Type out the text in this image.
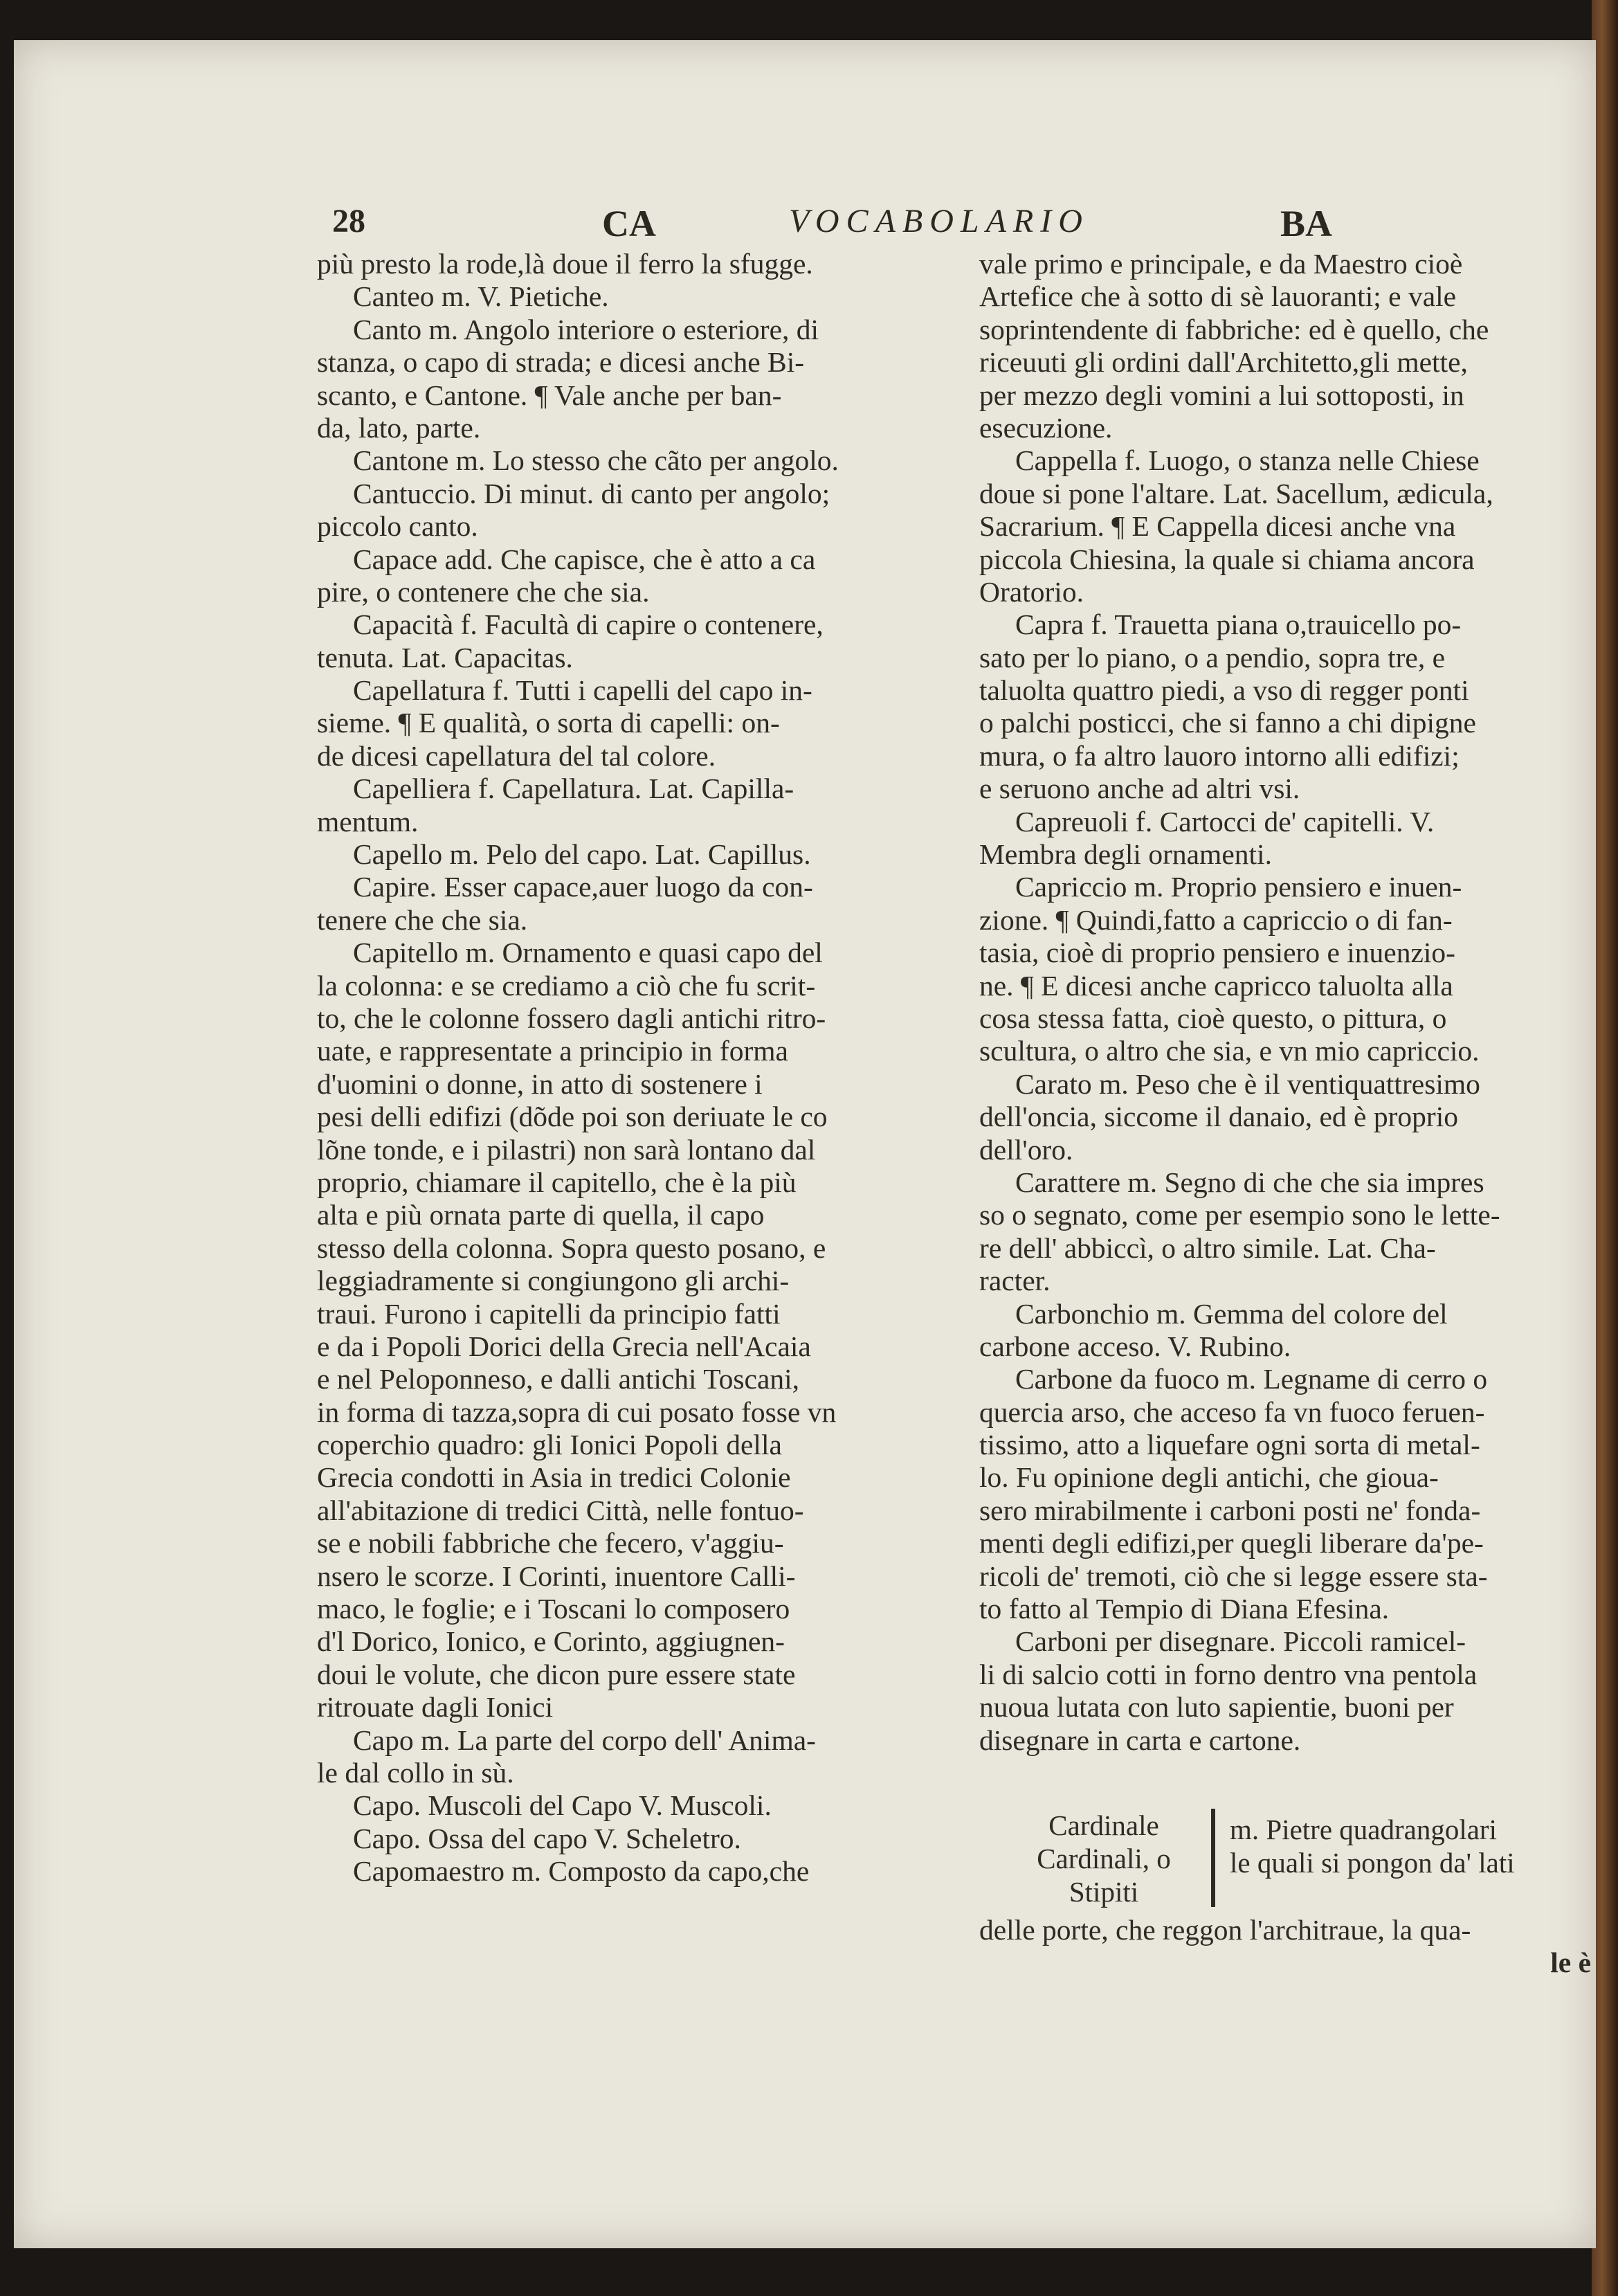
28	CA	VOCABOLARIO	BA
più presto la rode,là doue il ferro la sfugge.
Canteo m. V. Pietiche.
Canto m. Angolo interiore o esteriore, di
stanza, o capo di strada; e dicesi anche Bi-
scanto, e Cantone. ¶ Vale anche per ban-
da, lato, parte.
Cantone m. Lo stesso che cãto per angolo.
Cantuccio. Di minut. di canto per angolo;
piccolo canto.
Capace add. Che capisce, che è atto a ca
pire, o contenere che che sia.
Capacità f. Facultà di capire o contenere,
tenuta. Lat. Capacitas.
Capellatura f. Tutti i capelli del capo in-
sieme. ¶ E qualità, o sorta di capelli: on-
de dicesi capellatura del tal colore.
Capelliera f. Capellatura. Lat. Capilla-
mentum.
Capello m. Pelo del capo. Lat. Capillus.
Capire. Esser capace,auer luogo da con-
tenere che che sia.
Capitello m. Ornamento e quasi capo del
la colonna: e se crediamo a ciò che fu scrit-
to, che le colonne fossero dagli antichi ritro-
uate, e rappresentate a principio in forma
d'uomini o donne, in atto di sostenere i
pesi delli edifizi (dõde poi son deriuate le co
lõne tonde, e i pilastri) non sarà lontano dal
proprio, chiamare il capitello, che è la più
alta e più ornata parte di quella, il capo
stesso della colonna. Sopra questo posano, e
leggiadramente si congiungono gli archi-
traui. Furono i capitelli da principio fatti
e da i Popoli Dorici della Grecia nell'Acaia
e nel Peloponneso, e dalli antichi Toscani,
in forma di tazza,sopra di cui posato fosse vn
coperchio quadro: gli Ionici Popoli della
Grecia condotti in Asia in tredici Colonie
all'abitazione di tredici Città, nelle fontuo-
se e nobili fabbriche che fecero, v'aggiu-
nsero le scorze. I Corinti, inuentore Calli-
maco, le foglie; e i Toscani lo composero
d'l Dorico, Ionico, e Corinto, aggiugnen-
doui le volute, che dicon pure essere state
ritrouate dagli Ionici
Capo m. La parte del corpo dell' Anima-
le dal collo in sù.
Capo. Muscoli del Capo V. Muscoli.
Capo. Ossa del capo V. Scheletro.
Capomaestro m. Composto da capo,che
vale primo e principale, e da Maestro cioè
Artefice che à sotto di sè lauoranti; e vale
soprintendente di fabbriche: ed è quello, che
riceuuti gli ordini dall'Architetto,gli mette,
per mezzo degli vomini a lui sottoposti, in
esecuzione.
Cappella f. Luogo, o stanza nelle Chiese
doue si pone l'altare. Lat. Sacellum, ædicula,
Sacrarium. ¶ E Cappella dicesi anche vna
piccola Chiesina, la quale si chiama ancora
Oratorio.
Capra f. Trauetta piana o,trauicello po-
sato per lo piano, o a pendio, sopra tre, e
taluolta quattro piedi, a vso di regger ponti
o palchi posticci, che si fanno a chi dipigne
mura, o fa altro lauoro intorno alli edifizi;
e seruono anche ad altri vsi.
Capreuoli f. Cartocci de' capitelli. V.
Membra degli ornamenti.
Capriccio m. Proprio pensiero e inuen-
zione. ¶ Quindi,fatto a capriccio o di fan-
tasia, cioè di proprio pensiero e inuenzio-
ne. ¶ E dicesi anche capricco taluolta alla
cosa stessa fatta, cioè questo, o pittura, o
scultura, o altro che sia, e vn mio capriccio.
Carato m. Peso che è il ventiquattresimo
dell'oncia, siccome il danaio, ed è proprio
dell'oro.
Carattere m. Segno di che che sia impres
so o segnato, come per esempio sono le lette-
re dell' abbiccì, o altro simile. Lat. Cha-
racter.
Carbonchio m. Gemma del colore del
carbone acceso. V. Rubino.
Carbone da fuoco m. Legname di cerro o
quercia arso, che acceso fa vn fuoco feruen-
tissimo, atto a liquefare ogni sorta di metal-
lo. Fu opinione degli antichi, che gioua-
sero mirabilmente i carboni posti ne' fonda-
menti degli edifizi,per quegli liberare da'pe-
ricoli de' tremoti, ciò che si legge essere sta-
to fatto al Tempio di Diana Efesina.
Carboni per disegnare. Piccoli ramicel-
li di salcio cotti in forno dentro vna pentola
nuoua lutata con luto sapientie, buoni per
disegnare in carta e cartone.
Cardinale
Cardinali, o
Stipiti
m. Pietre quadrangolari
le quali si pongon da' lati
delle porte, che reggon l'architraue, la qua-
le è
